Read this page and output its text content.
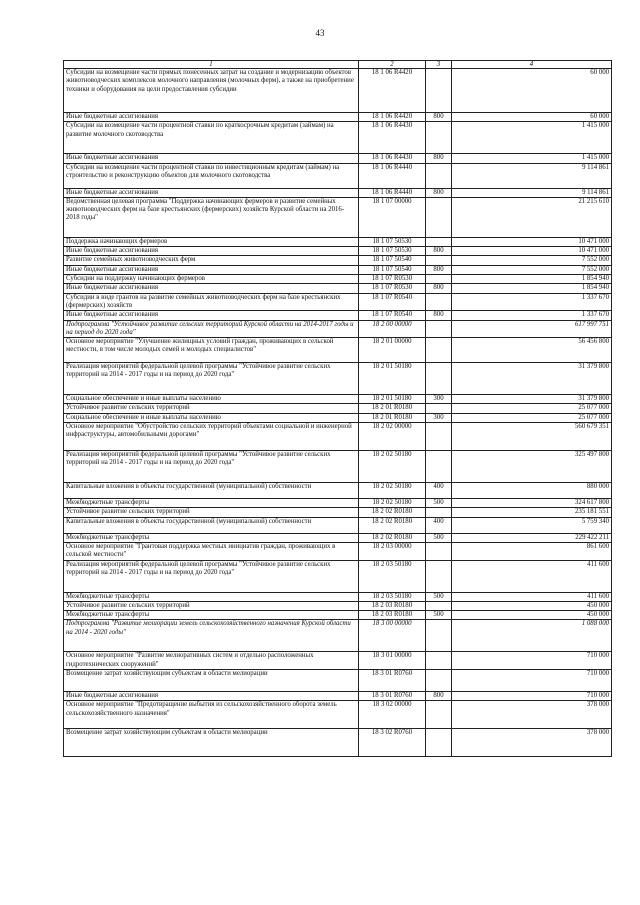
43
1	2	3	4
Субсидии на возмещение части прямых понесенных затрат на создание и модернизацию объектов животноводческих комплексов молочного направления (молочных ферм), а также на приобретение техники и оборудования на цели предоставления субсидии	18 1 06 R4420		60 000
Иные бюджетные ассигнования	18 1 06 R4420	800	60 000
Субсидии на возмещение части процентной ставки по краткосрочным кредитам (займам) на развитие молочного скотоводства	18 1 06 R4430		1 415 000
Иные бюджетные ассигнования	18 1 06 R4430	800	1 415 000
Субсидии на возмещение части процентной ставки по инвестиционным кредитам (займам) на строительство и реконструкцию объектов для молочного скотоводства	18 1 06 R4440		9 114 861
Иные бюджетные ассигнования	18 1 06 R4440	800	9 114 861
Ведомственная целевая программа "Поддержка начинающих фермеров и развитие семейных животноводческих ферм на базе крестьянских (фермерских) хозяйств Курской области на 2016-2018 годы"	18 1 07 00000		21 215 610
Поддержка начинающих фермеров	18 1 07 50530		10 471 000
Иные бюджетные ассигнования	18 1 07 50530	800	10 471 000
Развитие семейных животноводческих ферм	18 1 07 50540		7 552 000
Иные бюджетные ассигнования	18 1 07 50540	800	7 552 000
Субсидии на поддержку начинающих фермеров	18 1 07 R0530		1 854 940
Иные бюджетные ассигнования	18 1 07 R0530	800	1 854 940
Субсидии в виде грантов на развитие семейных животноводческих ферм на базе крестьянских (фермерских) хозяйств	18 1 07 R0540		1 337 670
Иные бюджетные ассигнования	18 1 07 R0540	800	1 337 670
Подпрограмма "Устойчивое развитие сельских территорий Курской области на 2014-2017 годы и на период до 2020 года"	18 2 00 00000		617 997 751
Основное мероприятие "Улучшение жилищных условий граждан, проживающих в сельской местности, в том числе молодых семей и молодых специалистов"	18 2 01 00000		56 456 800
Реализация мероприятий федеральной целевой программы "Устойчивое развитие сельских территорий на 2014 - 2017 годы и на период до 2020 года"	18 2 01 50180		31 379 800
Социальное обеспечение и иные выплаты населению	18 2 01 50180	300	31 379 800
Устойчивое развитие сельских территорий	18 2 01 R0180		25 077 000
Социальное обеспечение и иные выплаты населению	18 2 01 R0180	300	25 077 000
Основное мероприятие "Обустройство сельских территорий объектами социальной и инженерной инфраструктуры, автомобильными дорогами"	18 2 02 00000		560 679 351
Реализация мероприятий федеральной целевой программы "Устойчивое развитие сельских территорий на 2014 - 2017 годы и на период до 2020 года"	18 2 02 50180		325 497 800
Капитальные вложения в объекты государственной (муниципальной) собственности	18 2 02 50180	400	880 000
Межбюджетные трансферты	18 2 02 50180	500	324 617 800
Устойчивое развитие сельских территорий	18 2 02 R0180		235 181 551
Капитальные вложения в объекты государственной (муниципальной) собственности	18 2 02 R0180	400	5 759 340
Межбюджетные трансферты	18 2 02 R0180	500	229 422 211
Основное мероприятие "Грантовая поддержка местных инициатив граждан, проживающих в сельской местности"	18 2 03 00000		861 600
Реализация мероприятий федеральной целевой программы "Устойчивое развитие сельских территорий на 2014 - 2017 годы и на период до 2020 года"	18 2 03 50180		411 600
Межбюджетные трансферты	18 2 03 50180	500	411 600
Устойчивое развитие сельских территорий	18 2 03 R0180		450 000
Межбюджетные трансферты	18 2 03 R0180	500	450 000
Подпрограмма "Развитие мелиорации земель сельскохозяйственного назначения Курской области на 2014 - 2020 годы"	18 3 00 00000		1 088 000
Основное мероприятие "Развитие мелиоративных систем и отдельно расположенных гидротехнических сооружений"	18 3 01 00000		710 000
Возмещение затрат хозяйствующим субъектам в области мелиорации	18 3 01 R0760		710 000
Иные бюджетные ассигнования	18 3 01 R0760	800	710 000
Основное мероприятие "Предотвращение выбытия из сельскохозяйственного оборота земель сельскохозяйственного назначения"	18 3 02 00000		378 000
Возмещение затрат хозяйствующим субъектам в области мелиорации	18 3 02 R0760		378 000
